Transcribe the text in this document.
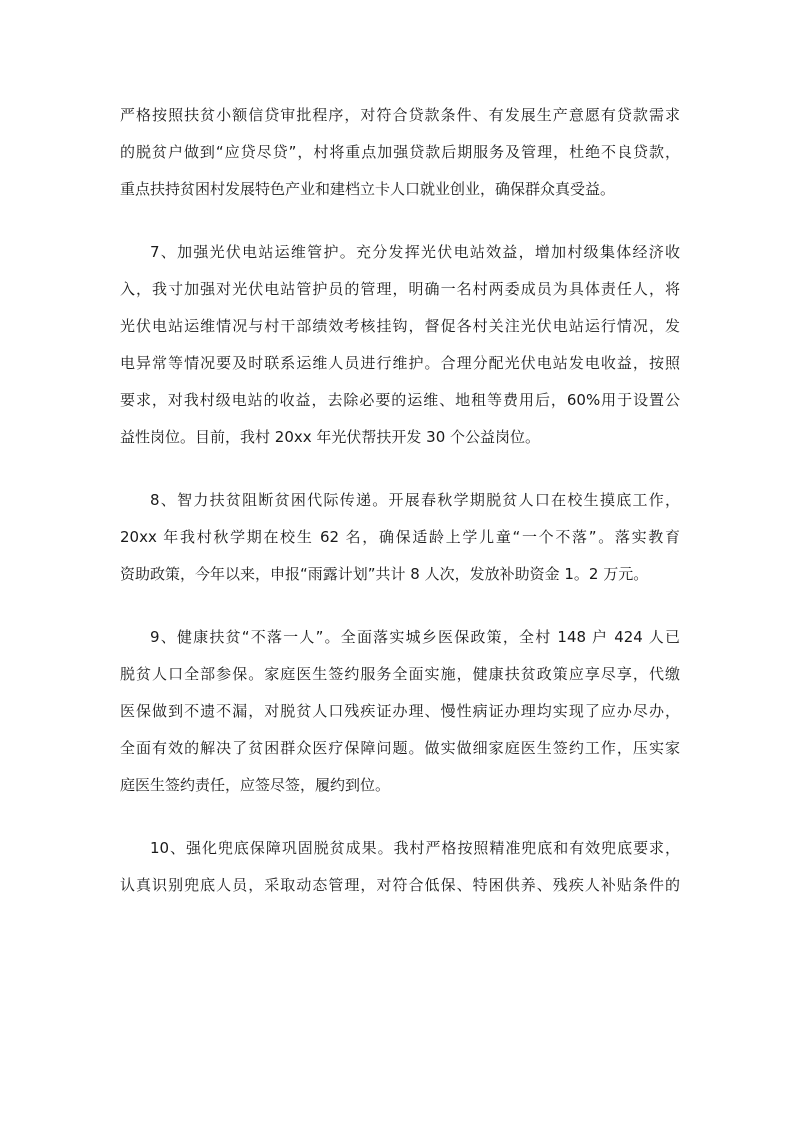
严格按照扶贫小额信贷审批程序，对符合贷款条件、有发展生产意愿有贷款需求
的脱贫户做到“应贷尽贷”，村将重点加强贷款后期服务及管理，杜绝不良贷款，
重点扶持贫困村发展特色产业和建档立卡人口就业创业，确保群众真受益。
7、加强光伏电站运维管护。充分发挥光伏电站效益，增加村级集体经济收
入，我寸加强对光伏电站管护员的管理，明确一名村两委成员为具体责任人，将
光伏电站运维情况与村干部绩效考核挂钩，督促各村关注光伏电站运行情况，发
电异常等情况要及时联系运维人员进行维护。合理分配光伏电站发电收益，按照
要求，对我村级电站的收益，去除必要的运维、地租等费用后，60%用于设置公
益性岗位。目前，我村 20xx 年光伏帮扶开发 30 个公益岗位。
8、智力扶贫阻断贫困代际传递。开展春秋学期脱贫人口在校生摸底工作，
20xx 年我村秋学期在校生 62 名，确保适龄上学儿童“一个不落”。落实教育
资助政策，今年以来，申报“雨露计划”共计 8 人次，发放补助资金 1。2 万元。
9、健康扶贫“不落一人”。全面落实城乡医保政策，全村 148 户 424 人已
脱贫人口全部参保。家庭医生签约服务全面实施，健康扶贫政策应享尽享，代缴
医保做到不遗不漏，对脱贫人口残疾证办理、慢性病证办理均实现了应办尽办，
全面有效的解决了贫困群众医疗保障问题。做实做细家庭医生签约工作，压实家
庭医生签约责任，应签尽签，履约到位。
10、强化兜底保障巩固脱贫成果。我村严格按照精准兜底和有效兜底要求，
认真识别兜底人员，采取动态管理，对符合低保、特困供养、残疾人补贴条件的
